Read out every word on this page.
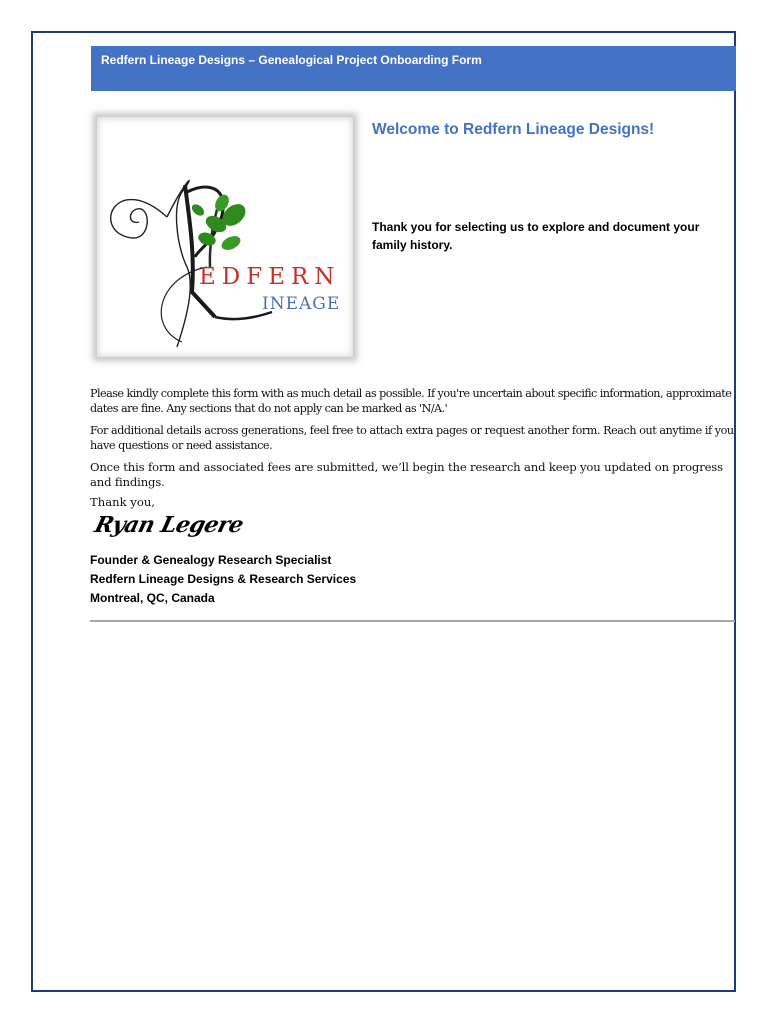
Redfern Lineage Designs – Genealogical Project Onboarding Form
EDFERN
INEAGE
Welcome to Redfern Lineage Designs!
Thank you for selecting us to explore and document your family history.

Please kindly complete this form with as much detail as possible. If you're uncertain about specific information, approximate dates are fine. Any sections that do not apply can be marked as 'N/A.'

For additional details across generations, feel free to attach extra pages or request another form. Reach out anytime if you have questions or need assistance.

Once this form and associated fees are submitted, we’ll begin the research and keep you updated on progress and findings.

Thank you,

Ryan Legere
Founder & Genealogy Research Specialist
Redfern Lineage Designs & Research Services
Montreal, QC, Canada
